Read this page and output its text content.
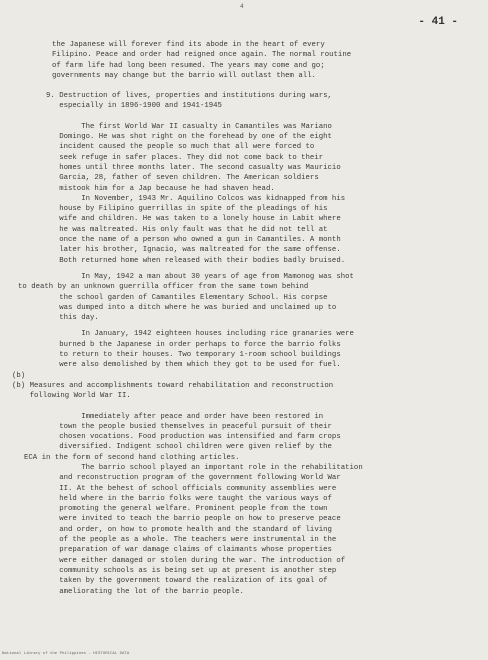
4
- 41 -
the Japanese will forever find its abode in the heart of every
Filipino. Peace and order had reigned once again. The normal routine
of farm life had long been resumed. The years may come and go;
governments may change but the barrio will outlast them all.
9. Destruction of lives, properties and institutions during wars,
especially in 1896-1900 and 1941-1945
The first World War II casualty in Camantiles was Mariano
Domingo. He was shot right on the forehead by one of the eight
incident caused the people so much that all were forced to
seek refuge in safer places. They did not come back to their
homes until three months later. The second casualty was Mauricio
Garcia, 28, father of seven children. The American soldiers
mistook him for a Jap because he had shaven head.
In November, 1943 Mr. Aquilino Colcos was kidnapped from his
house by Filipino guerrillas in spite of the pleadings of his
wife and children. He was taken to a lonely house in Labit where
he was maltreated. His only fault was that he did not tell at
once the name of a person who owned a gun in Camantiles. A month
later his brother, Ignacio, was maltreated for the same offense.
Both returned home when released with their bodies badly bruised.
In May, 1942 a man about 30 years of age from Mamonog was shot
to death by an unknown guerrilla officer from the same town behind
the school garden of Camantiles Elementary School. His corpse
was dumped into a ditch where he was buried and unclaimed up to
this day.
In January, 1942 eighteen houses including rice granaries were
burned b the Japanese in order perhaps to force the barrio folks
to return to their houses. Two temporary 1-room school buildings
were also demolished by them which they got to be used for fuel.
(b)
(b) Measures and accomplishments toward rehabilitation and reconstruction
following World War II.
Immediately after peace and order have been restored in
town the people busied themselves in peaceful pursuit of their
chosen vocations. Food production was intensified and farm crops
diversified. Indigent school children were given relief by the
ECA in the form of second hand clothing articles.
The barrio school played an important role in the rehabilitation
and reconstruction program of the government following World War
II. At the behest of school officials community assemblies were
held where in the barrio folks were taught the various ways of
promoting the general welfare. Prominent people from the town
were invited to teach the barrio people on how to preserve peace
and order, on how to promote health and the standard of living
of the people as a whole. The teachers were instrumental in the
preparation of war damage claims of claimants whose properties
were either damaged or stolen during the war. The introduction of
community schools as is being set up at present is another step
taken by the government toward the realization of its goal of
ameliorating the lot of the barrio people.
National Library of the Philippines - HISTORICAL DATA
